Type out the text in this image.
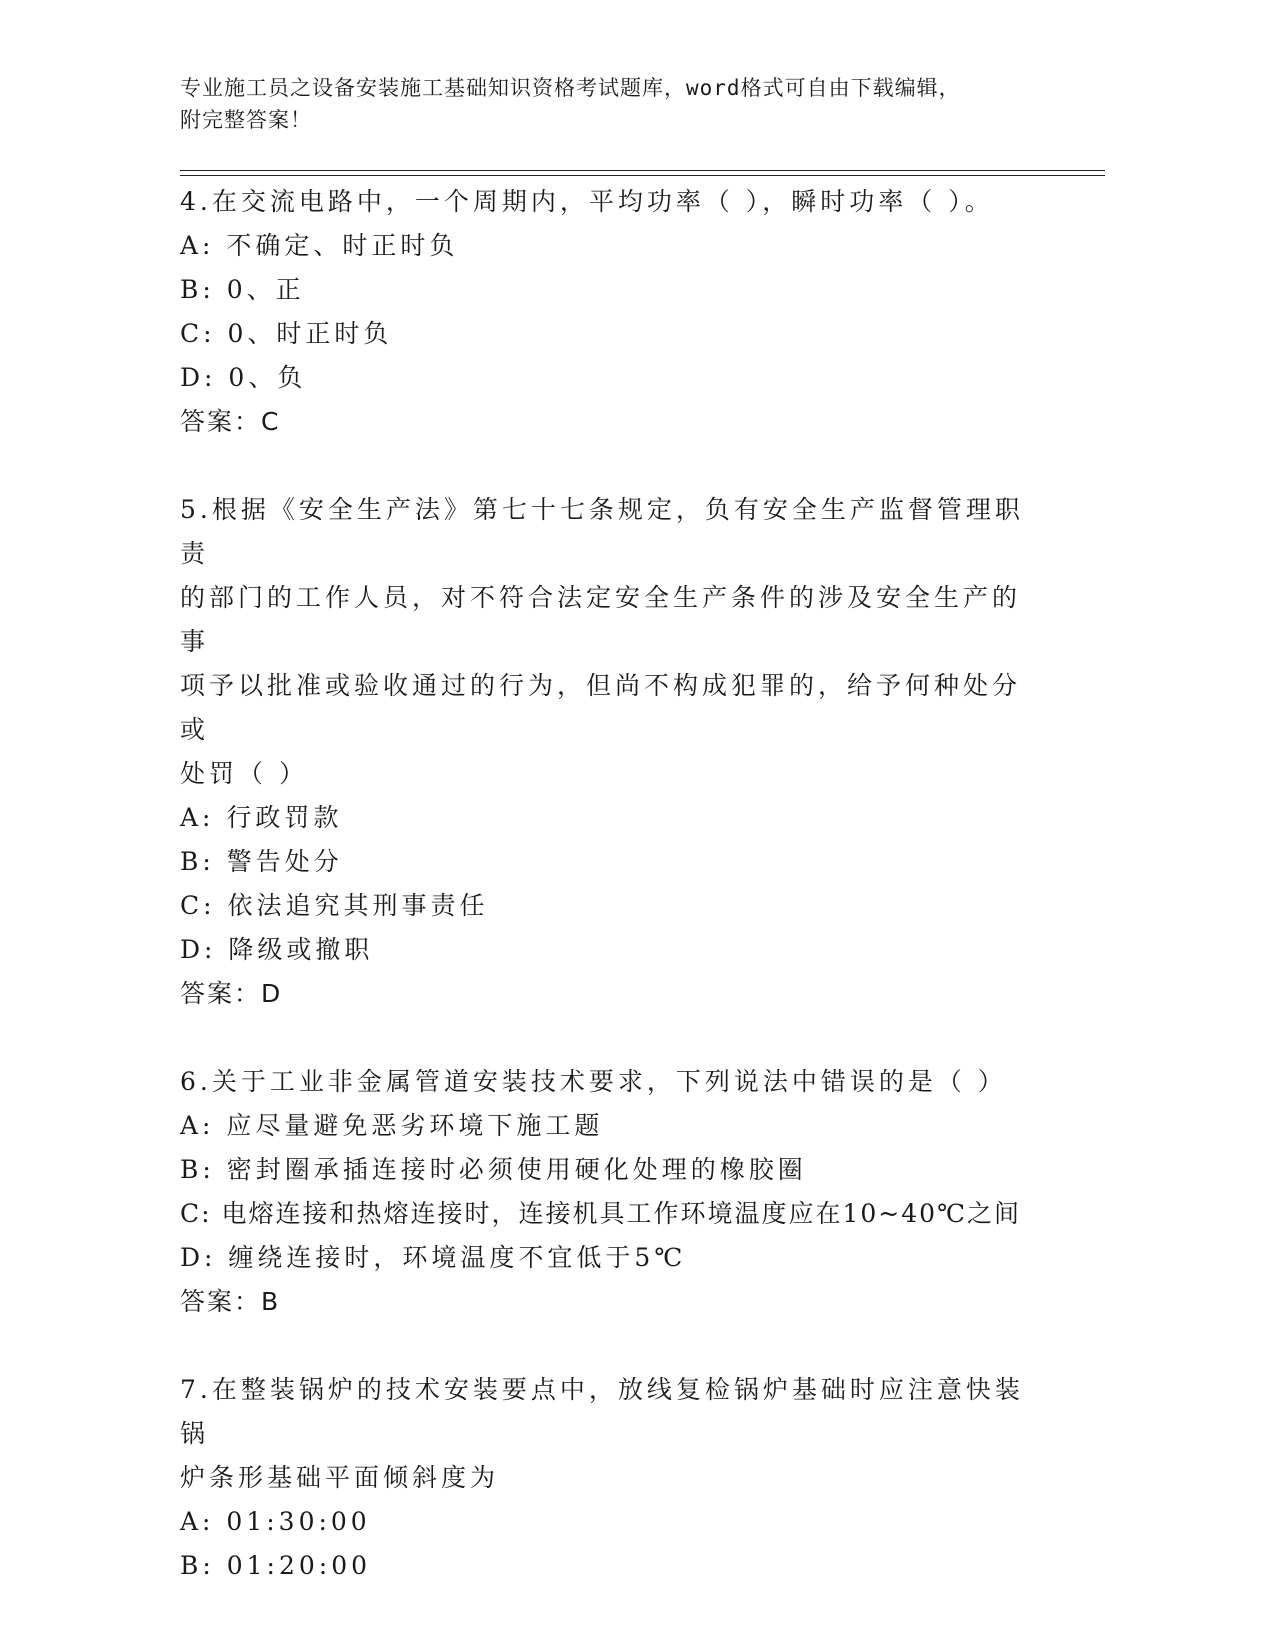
专业施工员之设备安装施工基础知识资格考试题库，word格式可自由下载编辑，
附完整答案！

4.在交流电路中，一个周期内，平均功率（ ），瞬时功率（ ）。

A: 不确定、时正时负

B: 0、正

C: 0、时正时负

D: 0、负

答案：C

5.根据《安全生产法》第七十七条规定，负有安全生产监督管理职责

的部门的工作人员，对不符合法定安全生产条件的涉及安全生产的事

项予以批准或验收通过的行为，但尚不构成犯罪的，给予何种处分或

处罚（ ）

A: 行政罚款

B: 警告处分

C: 依法追究其刑事责任

D: 降级或撤职

答案：D

6.关于工业非金属管道安装技术要求，下列说法中错误的是（ ）

A: 应尽量避免恶劣环境下施工题

B: 密封圈承插连接时必须使用硬化处理的橡胶圈

C: 电熔连接和热熔连接时，连接机具工作环境温度应在10~40℃之间

D: 缠绕连接时，环境温度不宜低于5℃

答案：B

7.在整装锅炉的技术安装要点中，放线复检锅炉基础时应注意快装锅

炉条形基础平面倾斜度为

A: 01:30:00

B: 01:20:00
